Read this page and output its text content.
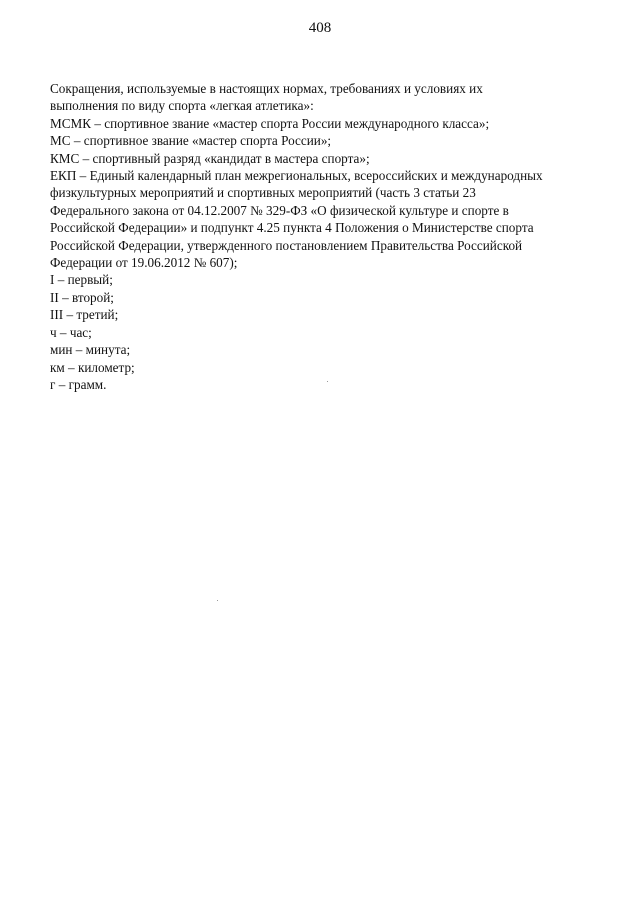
408
Сокращения, используемые в настоящих нормах, требованиях и условиях их
выполнения по виду спорта «легкая атлетика»:
МСМК – спортивное звание «мастер спорта России международного класса»;
МС – спортивное звание «мастер спорта России»;
КМС – спортивный разряд «кандидат в мастера спорта»;
ЕКП – Единый календарный план межрегиональных, всероссийских и международных
физкультурных мероприятий и спортивных мероприятий (часть 3 статьи 23
Федерального закона от 04.12.2007 № 329-ФЗ «О физической культуре и спорте в
Российской Федерации» и подпункт 4.25 пункта 4 Положения о Министерстве спорта
Российской Федерации, утвержденного постановлением Правительства Российской
Федерации от 19.06.2012 № 607);
I – первый;
II – второй;
III – третий;
ч – час;
мин – минута;
км – километр;
г – грамм.
